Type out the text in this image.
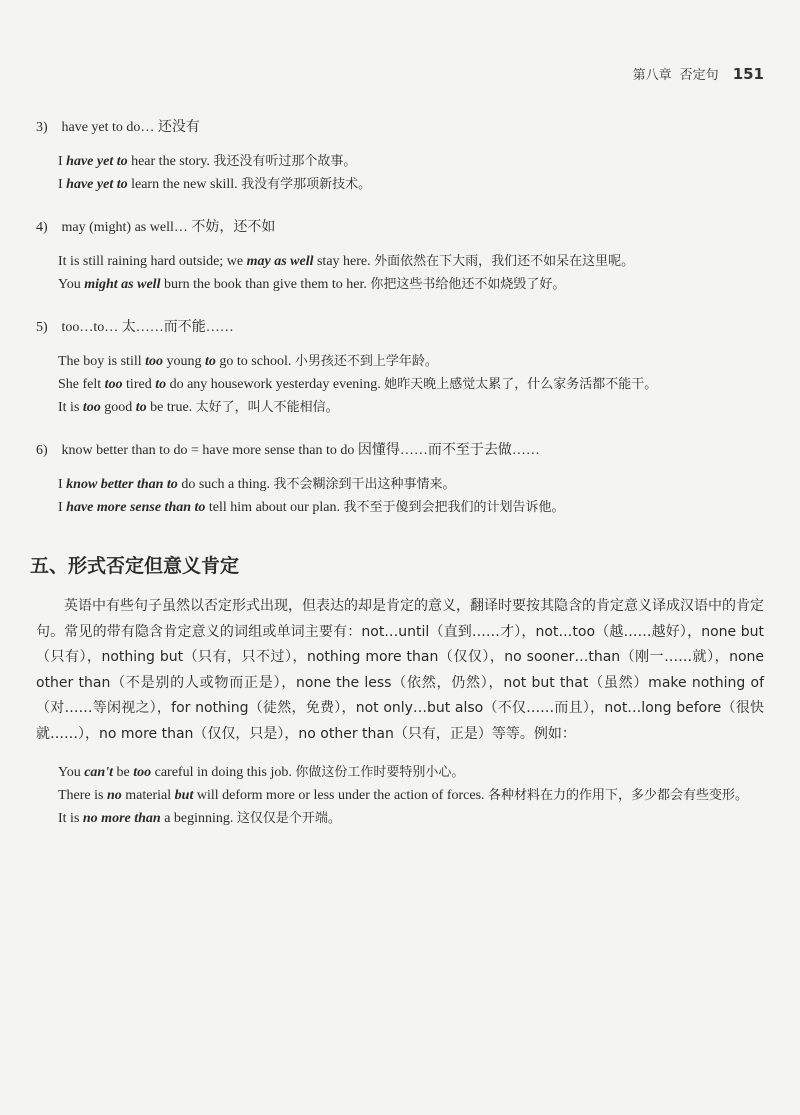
第八章 否定句 151
3) have yet to do… 还没有
I have yet to hear the story. 我还没有听过那个故事。
I have yet to learn the new skill. 我没有学那项新技术。
4) may (might) as well… 不妨，还不如
It is still raining hard outside; we may as well stay here. 外面依然在下大雨，我们还不如呆在这里呢。
You might as well burn the book than give them to her. 你把这些书给他还不如烧毁了好。
5) too…to… 太……而不能……
The boy is still too young to go to school. 小男孩还不到上学年龄。
She felt too tired to do any housework yesterday evening. 她昨天晚上感觉太累了，什么家务活都不能干。
It is too good to be true. 太好了，叫人不能相信。
6) know better than to do = have more sense than to do 因懂得……而不至于去做……
I know better than to do such a thing. 我不会糊涂到干出这种事情来。
I have more sense than to tell him about our plan. 我不至于傻到会把我们的计划告诉他。
五、形式否定但意义肯定

英语中有些句子虽然以否定形式出现，但表达的却是肯定的意义，翻译时要按其隐含的肯定意义译成汉语中的肯定句。常见的带有隐含肯定意义的词组或单词主要有：not…until（直到……才），not…too（越……越好），none but（只有），nothing but（只有，只不过），nothing more than（仅仅），no sooner…than（刚一……就），none other than（不是别的人或物而正是），none the less（依然，仍然），not but that（虽然）make nothing of（对……等闲视之），for nothing（徒然，免费），not only…but also（不仅……而且），not…long before（很快就……），no more than（仅仅，只是），no other than（只有，正是）等等。例如：

You can't be too careful in doing this job. 你做这份工作时要特别小心。
There is no material but will deform more or less under the action of forces. 各种材料在力的作用下，多少都会有些变形。
It is no more than a beginning. 这仅仅是个开端。
